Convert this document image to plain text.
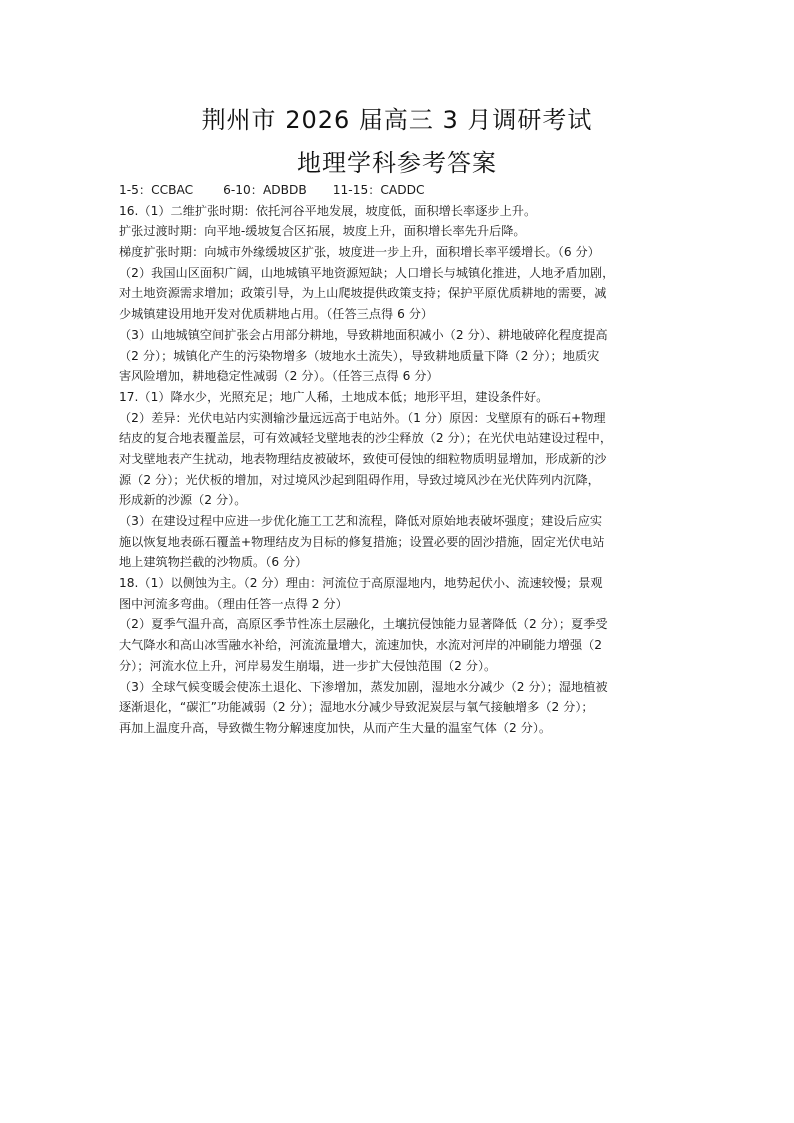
荆州市 2026 届高三 3 月调研考试
地理学科参考答案
1-5：CCBAC 6-10：ADBDB 11-15：CADDC
16.（1）二维扩张时期：依托河谷平地发展，坡度低，面积增长率逐步上升。
扩张过渡时期：向平地-缓坡复合区拓展，坡度上升，面积增长率先升后降。
梯度扩张时期：向城市外缘缓坡区扩张，坡度进一步上升，面积增长率平缓增长。（6 分）
（2）我国山区面积广阔，山地城镇平地资源短缺；人口增长与城镇化推进，人地矛盾加剧，
对土地资源需求增加；政策引导，为上山爬坡提供政策支持；保护平原优质耕地的需要，减
少城镇建设用地开发对优质耕地占用。（任答三点得 6 分）
（3）山地城镇空间扩张会占用部分耕地，导致耕地面积减小（2 分）、耕地破碎化程度提高
（2 分）；城镇化产生的污染物增多（坡地水土流失），导致耕地质量下降（2 分）；地质灾
害风险增加，耕地稳定性减弱（2 分）。（任答三点得 6 分）
17.（1）降水少，光照充足；地广人稀，土地成本低；地形平坦，建设条件好。
（2）差异：光伏电站内实测输沙量远远高于电站外。（1 分）原因：戈壁原有的砾石+物理
结皮的复合地表覆盖层，可有效减轻戈壁地表的沙尘释放（2 分）；在光伏电站建设过程中，
对戈壁地表产生扰动，地表物理结皮被破坏，致使可侵蚀的细粒物质明显增加，形成新的沙
源（2 分）；光伏板的增加，对过境风沙起到阻碍作用，导致过境风沙在光伏阵列内沉降，
形成新的沙源（2 分）。
（3）在建设过程中应进一步优化施工工艺和流程，降低对原始地表破坏强度；建设后应实
施以恢复地表砾石覆盖+物理结皮为目标的修复措施；设置必要的固沙措施，固定光伏电站
地上建筑物拦截的沙物质。（6 分）
18.（1）以侧蚀为主。（2 分）理由：河流位于高原湿地内，地势起伏小、流速较慢；景观
图中河流多弯曲。（理由任答一点得 2 分）
（2）夏季气温升高，高原区季节性冻土层融化，土壤抗侵蚀能力显著降低（2 分）；夏季受
大气降水和高山冰雪融水补给，河流流量增大，流速加快，水流对河岸的冲刷能力增强（2
分）；河流水位上升，河岸易发生崩塌，进一步扩大侵蚀范围（2 分）。
（3）全球气候变暖会使冻土退化、下渗增加，蒸发加剧，湿地水分减少（2 分）；湿地植被
逐渐退化，“碳汇”功能减弱（2 分）；湿地水分减少导致泥炭层与氧气接触增多（2 分）；
再加上温度升高，导致微生物分解速度加快，从而产生大量的温室气体（2 分）。
